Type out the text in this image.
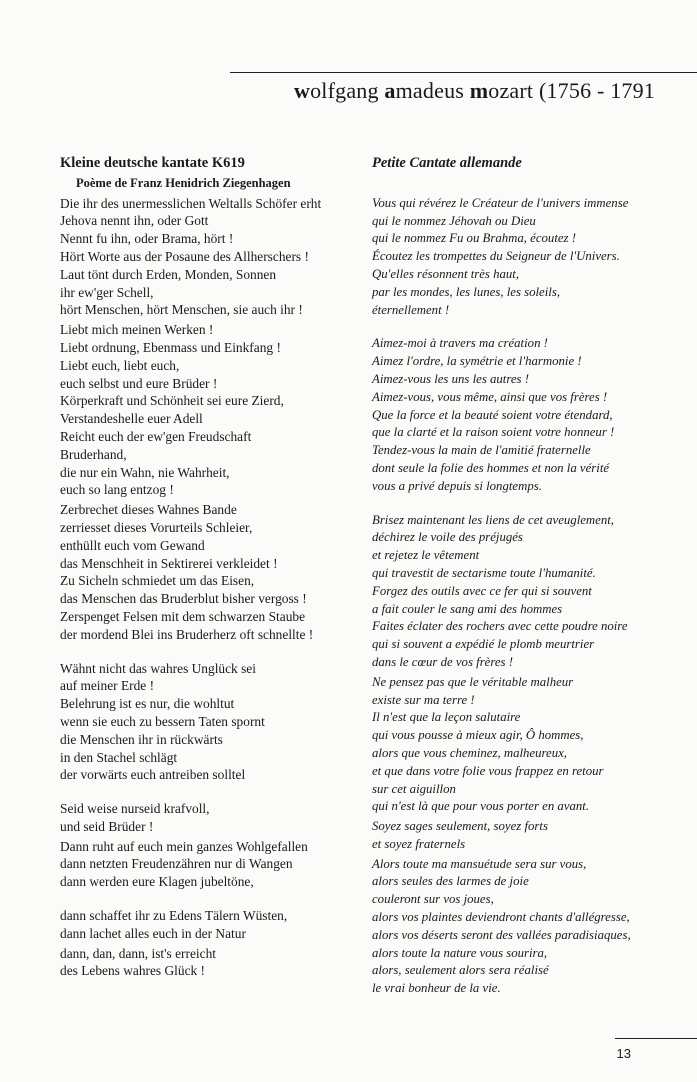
wolfgang amadeus mozart (1756 - 1791
Kleine deutsche kantate K619
Poème de Franz Henidrich Ziegenhagen
Die ihr des unermesslichen Weltalls Schöfer erht
Jehova nennt ihn, oder Gott
Nennt fu ihn, oder Brama, hört !
Hört Worte aus der Posaune des Allherschers !
Laut tönt durch Erden, Monden, Sonnen
ihr ew'ger Schell,
hört Menschen, hört Menschen, sie auch ihr !
Liebt mich meinen Werken !
Liebt ordnung, Ebenmass und Einkfang !
Liebt euch, liebt euch,
euch selbst und eure Brüder !
Körperkraft und Schönheit sei eure Zierd,
Verstandeshelle euer Adell
Reicht euch der ew'gen Freudschaft
Bruderhand,
die nur ein Wahn, nie Wahrheit,
euch so lang entzog !
Zerbrechet dieses Wahnes Bande
zerriesset dieses Vorurteils Schleier,
enthüllt euch vom Gewand
das Menschheit in Sektirerei verkleidet !
Zu Sicheln schmiedet um das Eisen,
das Menschen das Bruderblut bisher vergoss !
Zerspenget Felsen mit dem schwarzen Staube
der mordend Blei ins Bruderherz oft schnellte !
Wähnt nicht das wahres Unglück sei
auf meiner Erde !
Belehrung ist es nur, die wohltut
wenn sie euch zu bessern Taten spornt
die Menschen ihr in rückwärts
in den Stachel schlägt
der vorwärts euch antreiben solltel
Seid weise nurseid krafvoll,
und seid Brüder !
Dann ruht auf euch mein ganzes Wohlgefallen
dann netzten Freudenzähren nur di Wangen
dann werden eure Klagen jubeltöne,
dann schaffet ihr zu Edens Tälern Wüsten,
dann lachet alles euch in der Natur
dann, dan, dann, ist's erreicht
des Lebens wahres Glück !
Petite Cantate allemande
Vous qui révérez le Créateur de l'univers immense
qui le nommez Jéhovah ou Dieu
qui le nommez Fu ou Brahma, écoutez !
Écoutez les trompettes du Seigneur de l'Univers.
Qu'elles résonnent très haut,
par les mondes, les lunes, les soleils,
éternellement !
Aimez-moi à travers ma création !
Aimez l'ordre, la symétrie et l'harmonie !
Aimez-vous les uns les autres !
Aimez-vous, vous même, ainsi que vos frères !
Que la force et la beauté soient votre étendard,
que la clarté et la raison soient votre honneur !
Tendez-vous la main de l'amitié fraternelle
dont seule la folie des hommes et non la vérité
vous a privé depuis si longtemps.
Brisez maintenant les liens de cet aveuglement,
déchirez le voile des préjugés
et rejetez le vêtement
qui travestit de sectarisme toute l'humanité.
Forgez des outils avec ce fer qui si souvent
a fait couler le sang ami des hommes
Faites éclater des rochers avec cette poudre noire
qui si souvent a expédié le plomb meurtrier
dans le cœur de vos frères !
Ne pensez pas que le véritable malheur
existe sur ma terre !
Il n'est que la leçon salutaire
qui vous pousse à mieux agir, Ô hommes,
alors que vous cheminez, malheureux,
et que dans votre folie vous frappez en retour
sur cet aiguillon
qui n'est là que pour vous porter en avant.
Soyez sages seulement, soyez forts
et soyez fraternels
Alors toute ma mansuétude sera sur vous,
alors seules des larmes de joie
couleront sur vos joues,
alors vos plaintes deviendront chants d'allégresse,
alors vos déserts seront des vallées paradisiaques,
alors toute la nature vous sourira,
alors, seulement alors sera réalisé
le vrai bonheur de la vie.
13
